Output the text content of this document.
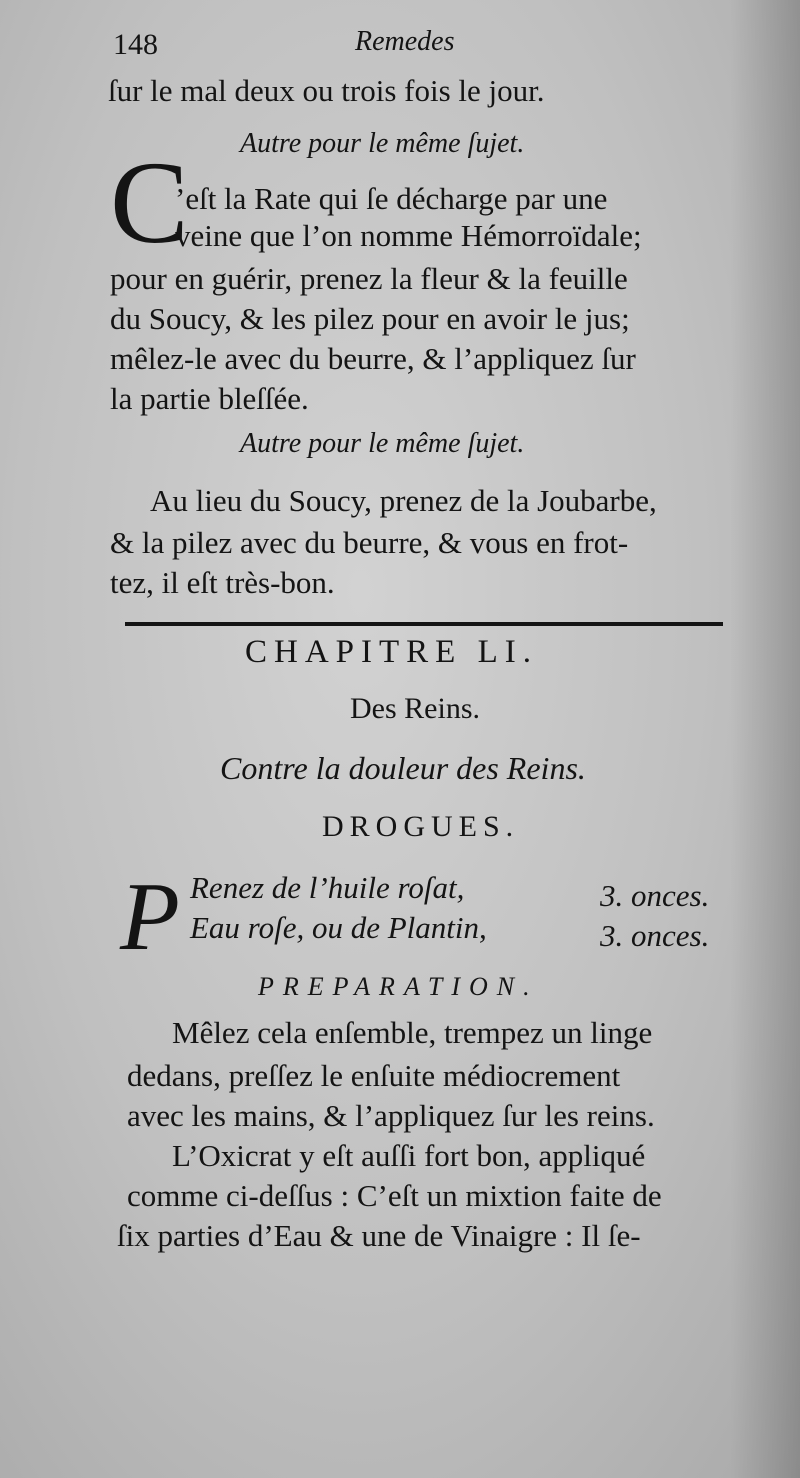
148	Remedes
ſur le mal deux ou trois fois le jour.
Autre pour le même ſujet.
C
’eſt la Rate qui ſe décharge par une
veine que l’on nomme Hémorroïdale;
pour en guérir, prenez la fleur & la feuille
du Soucy, & les pilez pour en avoir le jus;
mêlez-le avec du beurre, & l’appliquez ſur
la partie bleſſée.
Autre pour le même ſujet.
Au lieu du Soucy, prenez de la Joubarbe,
& la pilez avec du beurre, & vous en frot-
tez, il eſt très-bon.
CHAPITRE LI.
Des Reins.
Contre la douleur des Reins.
DROGUES.
P Renez de l’huile roſat,	3. onces.
Eau roſe, ou de Plantin,	3. onces.
PREPARATION.
Mêlez cela enſemble, trempez un linge
dedans, preſſez le enſuite médiocrement
avec les mains, & l’appliquez ſur les reins.
L’Oxicrat y eſt auſſi fort bon, appliqué
comme ci-deſſus : C’eſt un mixtion faite de
ſix parties d’Eau & une de Vinaigre : Il ſe-
